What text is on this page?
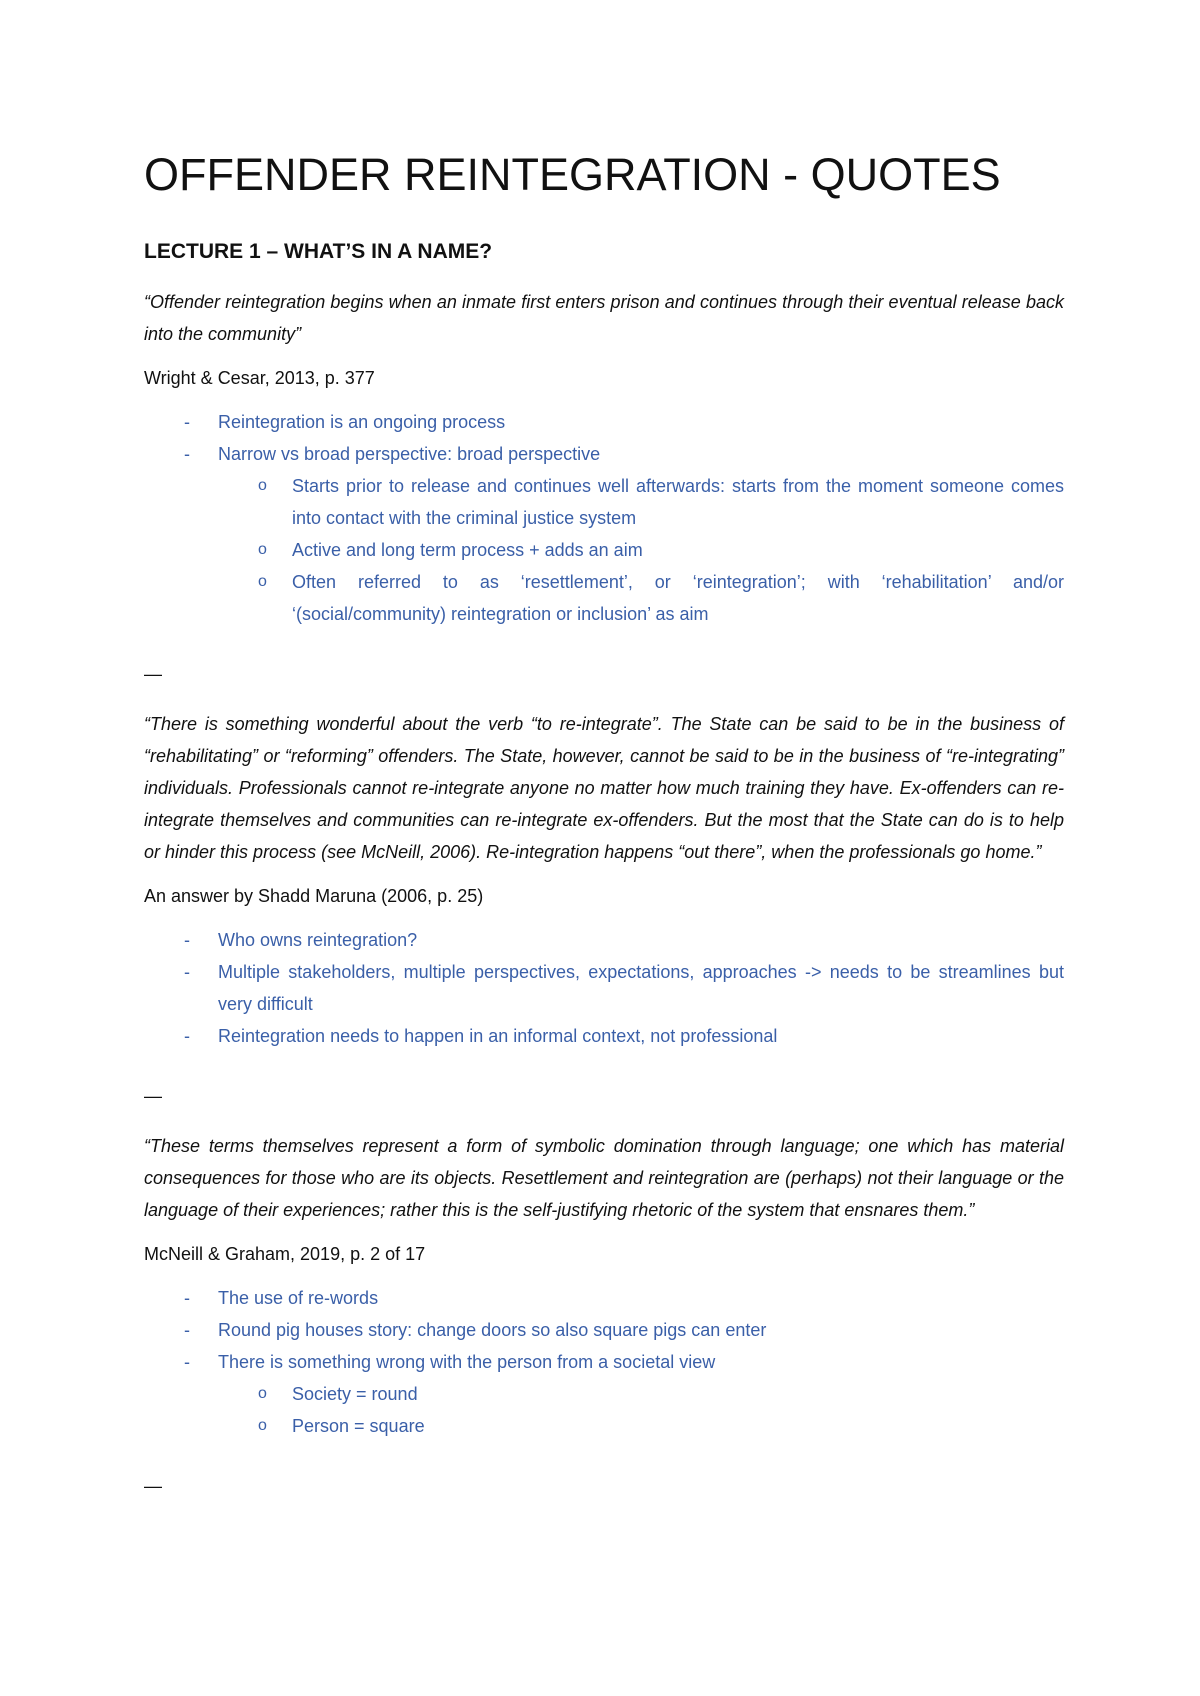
OFFENDER REINTEGRATION - QUOTES
LECTURE 1 – WHAT’S IN A NAME?

“Offender reintegration begins when an inmate first enters prison and continues through their eventual release back into the community”

Wright & Cesar, 2013, p. 377

- Reintegration is an ongoing process
- Narrow vs broad perspective: broad perspective
o Starts prior to release and continues well afterwards: starts from the moment someone comes into contact with the criminal justice system
o Active and long term process + adds an aim
o Often referred to as ‘resettlement’, or ‘reintegration’; with ‘rehabilitation’ and/or ‘(social/community) reintegration or inclusion’ as aim
—

“There is something wonderful about the verb “to re-integrate”. The State can be said to be in the business of “rehabilitating” or “reforming” offenders. The State, however, cannot be said to be in the business of “re-integrating” individuals. Professionals cannot re-integrate anyone no matter how much training they have. Ex-offenders can re-integrate themselves and communities can re-integrate ex-offenders. But the most that the State can do is to help or hinder this process (see McNeill, 2006). Re-integration happens “out there”, when the professionals go home.”

An answer by Shadd Maruna (2006, p. 25)

- Who owns reintegration?
- Multiple stakeholders, multiple perspectives, expectations, approaches -> needs to be streamlines but very difficult
- Reintegration needs to happen in an informal context, not professional
—

“These terms themselves represent a form of symbolic domination through language; one which has material consequences for those who are its objects. Resettlement and reintegration are (perhaps) not their language or the language of their experiences; rather this is the self-justifying rhetoric of the system that ensnares them.”

McNeill & Graham, 2019, p. 2 of 17

- The use of re-words
- Round pig houses story: change doors so also square pigs can enter
- There is something wrong with the person from a societal view
o Society = round
o Person = square
—
